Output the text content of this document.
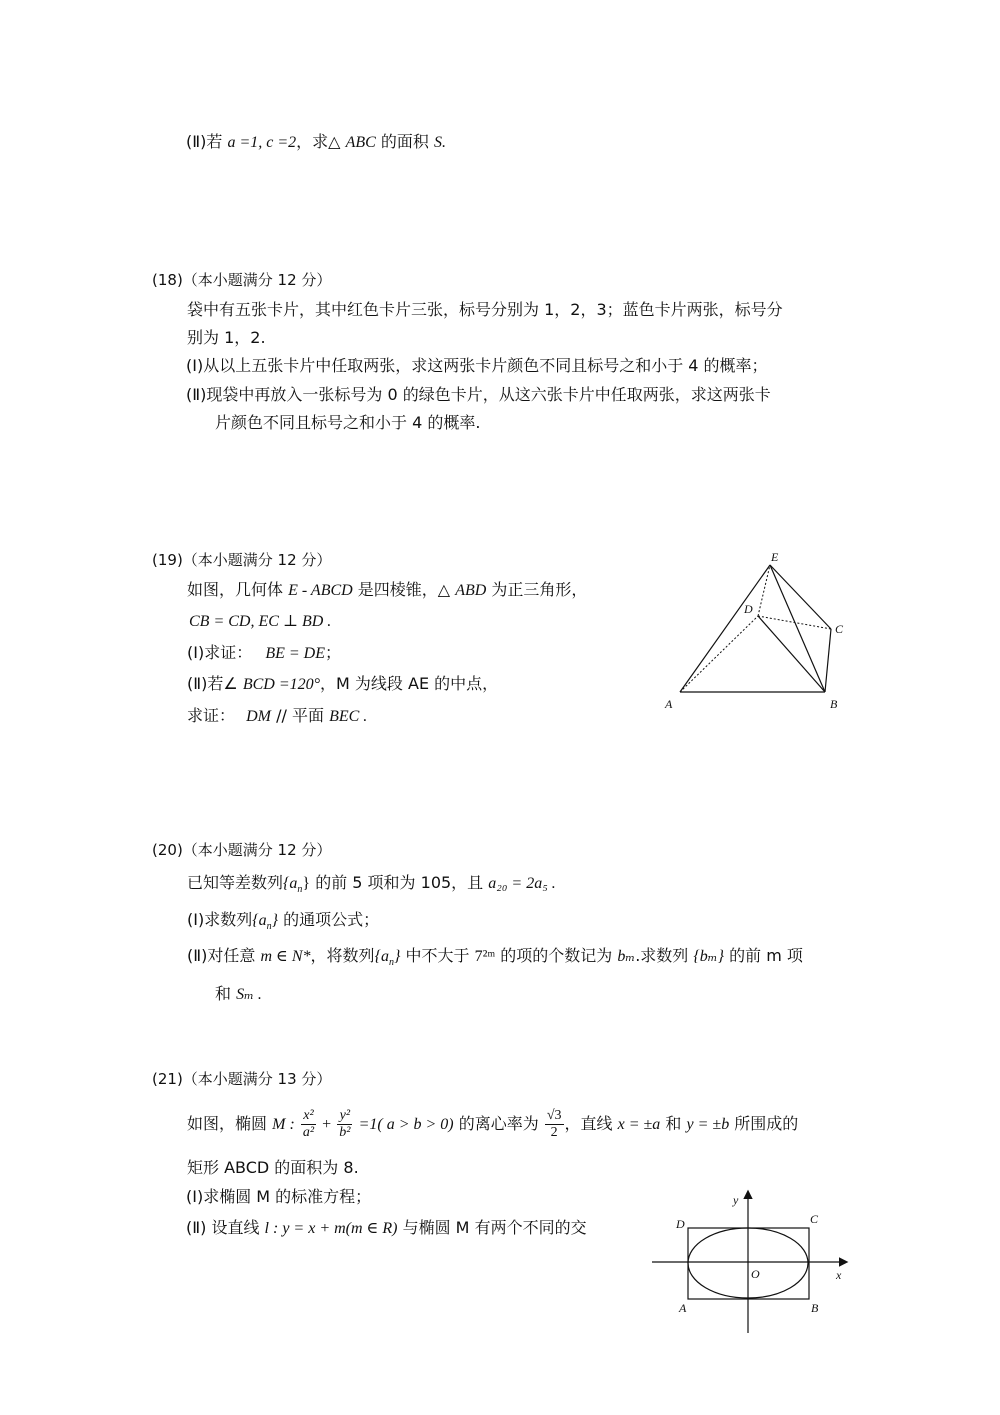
(Ⅱ)若 a =1, c =2，求△ ABC 的面积 S.
(18)（本小题满分 12 分）
袋中有五张卡片，其中红色卡片三张，标号分别为 1，2，3；蓝色卡片两张，标号分
别为 1，2.
(Ⅰ)从以上五张卡片中任取两张，求这两张卡片颜色不同且标号之和小于 4 的概率；
(Ⅱ)现袋中再放入一张标号为 0 的绿色卡片，从这六张卡片中任取两张，求这两张卡
片颜色不同且标号之和小于 4 的概率.
(19)（本小题满分 12 分）
如图，几何体 E - ABCD 是四棱锥，△ ABD 为正三角形，
CB = CD, EC ⊥ BD .
(Ⅰ)求证： BE = DE；
(Ⅱ)若∠ BCD =120°，M 为线段 AE 的中点，
求证： DM // 平面 BEC .
E
D
C
A	B
(20)（本小题满分 12 分）
已知等差数列$\{a_n\}$ 的前 5 项和为 105，且 a₂₀ = 2a₅ .
(Ⅰ)求数列$\{a_n\}$ 的通项公式；
(Ⅱ)对任意 m ∈ N*，将数列$\{a_n\}$ 中不大于 7²ᵐ 的项的个数记为 bₘ.求数列 {bₘ} 的前 m 项
和 Sₘ .
(21)（本小题满分 13 分）
如图，椭圆 M : $\frac{\text{x²}}{\text{a²}} + \frac{\text{y²}}{\text{b²}} =1$( a > b > 0) 的离心率为 $\frac{√3}{2}$ ，直线 x = ±a 和 y = ±b 所围成的
矩形 ABCD 的面积为 8.
(Ⅰ)求椭圆 M 的标准方程；
(Ⅱ) 设直线 l : y = x + m(m ∈ R) 与椭圆 M 有两个不同的交
y
x
O
D	C
A	B
